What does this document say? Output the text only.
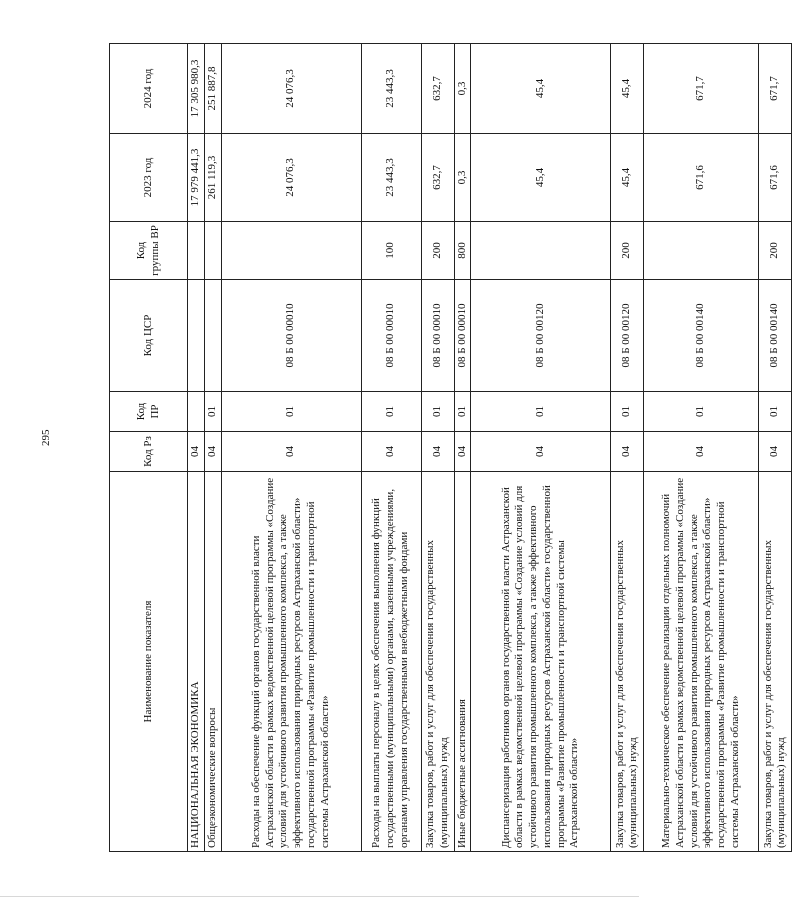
295
Наименование показателя	Код Рз	Код ПР	Код ЦСР	Код группы ВР	2023 год	2024 год
НАЦИОНАЛЬНАЯ ЭКОНОМИКА	04				17 979 441,3	17 305 980,3
Общеэкономические вопросы	04	01			261 119,3	251 887,8
Расходы на обеспечение функций органов государственной власти Астраханской области в рамках ведомственной целевой программы «Создание условий для устойчивого развития промышленного комплекса, а также эффективного использования природных ресурсов Астраханской области» государственной программы «Развитие промышленности и транспортной системы Астраханской области»	04	01	08 Б 00 00010		24 076,3	24 076,3
Расходы на выплаты персоналу в целях обеспечения выполнения функций государственными (муниципальными) органами, казенными учреждениями, органами управления государственными внебюджетными фондами	04	01	08 Б 00 00010	100	23 443,3	23 443,3
Закупка товаров, работ и услуг для обеспечения государственных (муниципальных) нужд	04	01	08 Б 00 00010	200	632,7	632,7
Иные бюджетные ассигнования	04	01	08 Б 00 00010	800	0,3	0,3
Диспансеризация работников органов государственной власти Астраханской области в рамках ведомственной целевой программы «Создание условий для устойчивого развития промышленного комплекса, а также эффективного использования природных ресурсов Астраханской области» государственной программы «Развитие промышленности и транспортной системы Астраханской области»	04	01	08 Б 00 00120		45,4	45,4
Закупка товаров, работ и услуг для обеспечения государственных (муниципальных) нужд	04	01	08 Б 00 00120	200	45,4	45,4
Материально-техническое обеспечение реализации отдельных полномочий Астраханской области в рамках ведомственной целевой программы «Создание условий для устойчивого развития промышленного комплекса, а также эффективного использования природных ресурсов Астраханской области» государственной программы «Развитие промышленности и транспортной системы Астраханской области»	04	01	08 Б 00 00140		671,6	671,7
Закупка товаров, работ и услуг для обеспечения государственных (муниципальных) нужд	04	01	08 Б 00 00140	200	671,6	671,7
